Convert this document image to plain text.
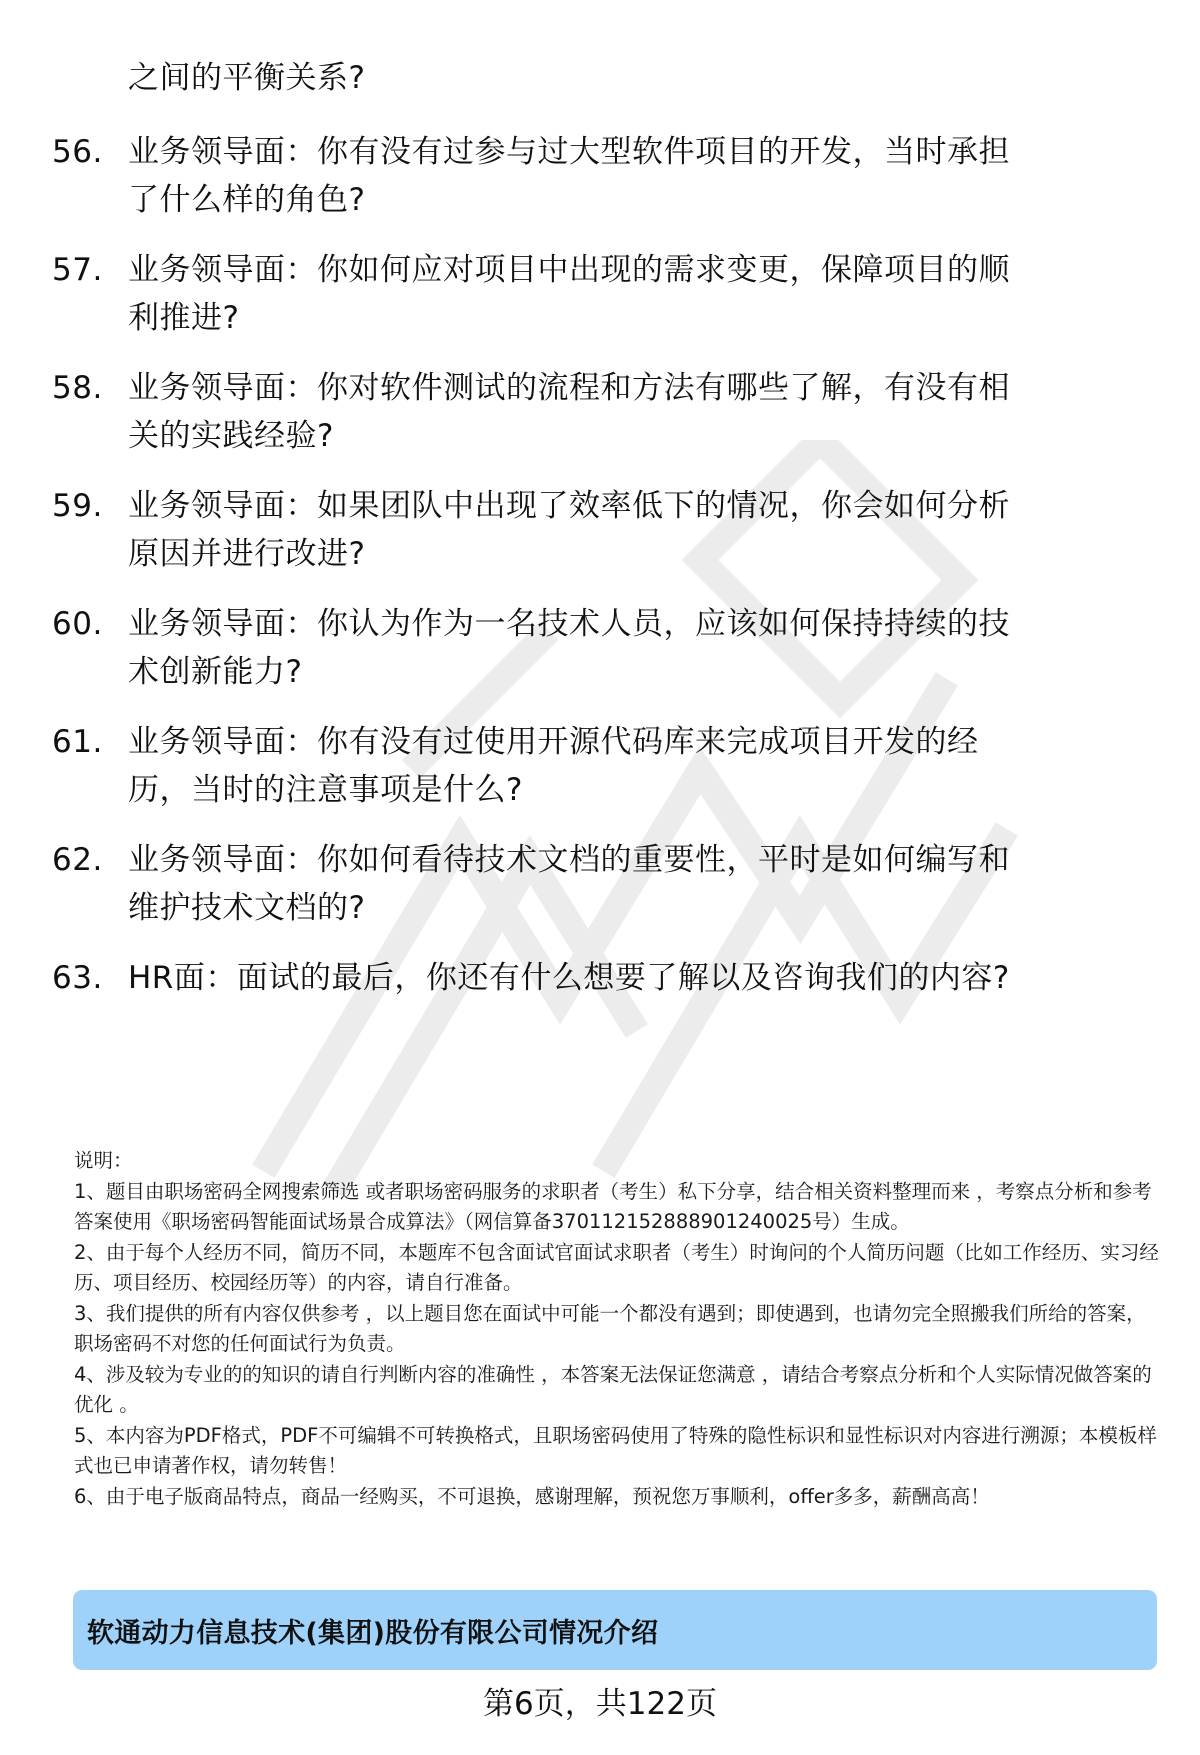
之间的平衡关系?
56. 业务领导面：你有没有过参与过大型软件项目的开发，当时承担
了什么样的角色?
57. 业务领导面：你如何应对项目中出现的需求变更，保障项目的顺
利推进?
58. 业务领导面：你对软件测试的流程和方法有哪些了解，有没有相
关的实践经验?
59. 业务领导面：如果团队中出现了效率低下的情况，你会如何分析
原因并进行改进?
60. 业务领导面：你认为作为一名技术人员，应该如何保持持续的技
术创新能力?
61. 业务领导面：你有没有过使用开源代码库来完成项目开发的经
历，当时的注意事项是什么?
62. 业务领导面：你如何看待技术文档的重要性，平时是如何编写和
维护技术文档的?
63. HR面：面试的最后，你还有什么想要了解以及咨询我们的内容?

说明：

1、题目由职场密码全网搜索筛选 或者职场密码服务的求职者（考生）私下分享，结合相关资料整理而来 ，考察点分析和参考答案使用《职场密码智能面试场景合成算法》（网信算备370112152888901240025号）生成。

2、由于每个人经历不同，简历不同，本题库不包含面试官面试求职者（考生）时询问的个人简历问题（比如工作经历、实习经历、项目经历、校园经历等）的内容，请自行准备。

3、我们提供的所有内容仅供参考 ，以上题目您在面试中可能一个都没有遇到；即使遇到，也请勿完全照搬我们所给的答案，职场密码不对您的任何面试行为负责。

4、涉及较为专业的的知识的请自行判断内容的准确性 ，本答案无法保证您满意 ，请结合考察点分析和个人实际情况做答案的优化 。

5、本内容为PDF格式，PDF不可编辑不可转换格式，且职场密码使用了特殊的隐性标识和显性标识对内容进行溯源；本模板样式也已申请著作权，请勿转售！

6、由于电子版商品特点，商品一经购买，不可退换，感谢理解，预祝您万事顺利，offer多多，薪酬高高！

软通动力信息技术(集团)股份有限公司情况介绍
第6页，共122页
